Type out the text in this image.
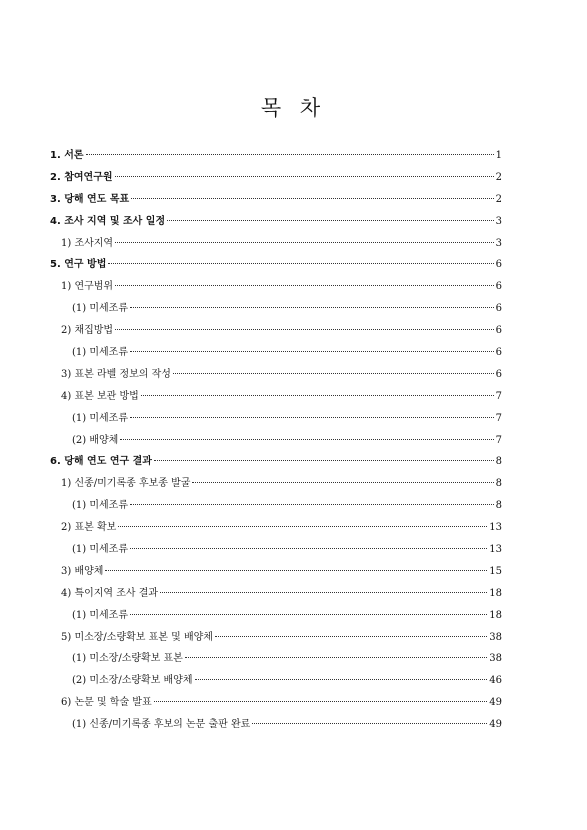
목 차
1. 서론	1
2. 참여연구원	2
3. 당해 연도 목표	2
4. 조사 지역 및 조사 일정	3
1) 조사지역	3
5. 연구 방법	6
1) 연구범위	6
(1) 미세조류	6
2) 채집방법	6
(1) 미세조류	6
3) 표본 라벨 정보의 작성	6
4) 표본 보관 방법	7
(1) 미세조류	7
(2) 배양체	7
6. 당해 연도 연구 결과	8
1) 신종/미기록종 후보종 발굴	8
(1) 미세조류	8
2) 표본 확보	13
(1) 미세조류	13
3) 배양체	15
4) 특이지역 조사 결과	18
(1) 미세조류	18
5) 미소장/소량확보 표본 및 배양체	38
(1) 미소장/소량확보 표본	38
(2) 미소장/소량확보 배양체	46
6) 논문 및 학술 발표	49
(1) 신종/미기록종 후보의 논문 출판 완료	49
